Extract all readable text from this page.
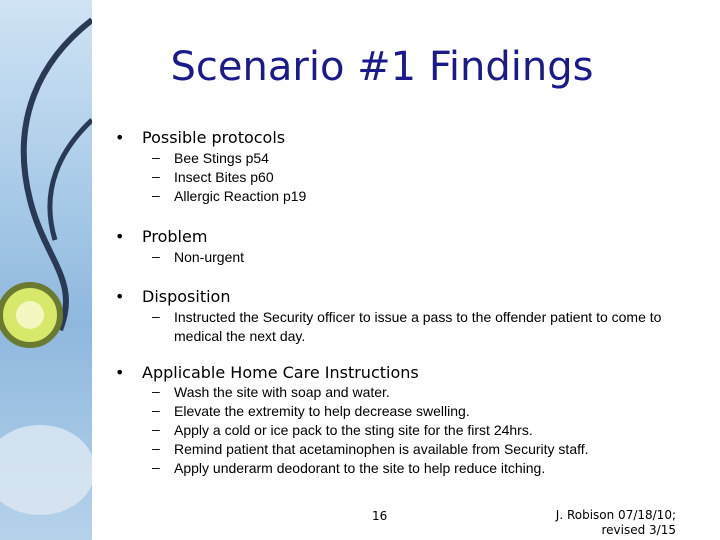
Scenario #1 Findings
• Possible protocols
– Bee Stings p54
– Insect Bites p60
– Allergic Reaction p19
• Problem
– Non-urgent
• Disposition
– Instructed the Security officer to issue a pass to the offender patient to come to medical the next day.
• Applicable Home Care Instructions
– Wash the site with soap and water.
– Elevate the extremity to help decrease swelling.
– Apply a cold or ice pack to the sting site for the first 24hrs.
– Remind patient that acetaminophen is available from Security staff.
– Apply underarm deodorant to the site to help reduce itching.
16	J. Robison 07/18/10;
revised 3/15
